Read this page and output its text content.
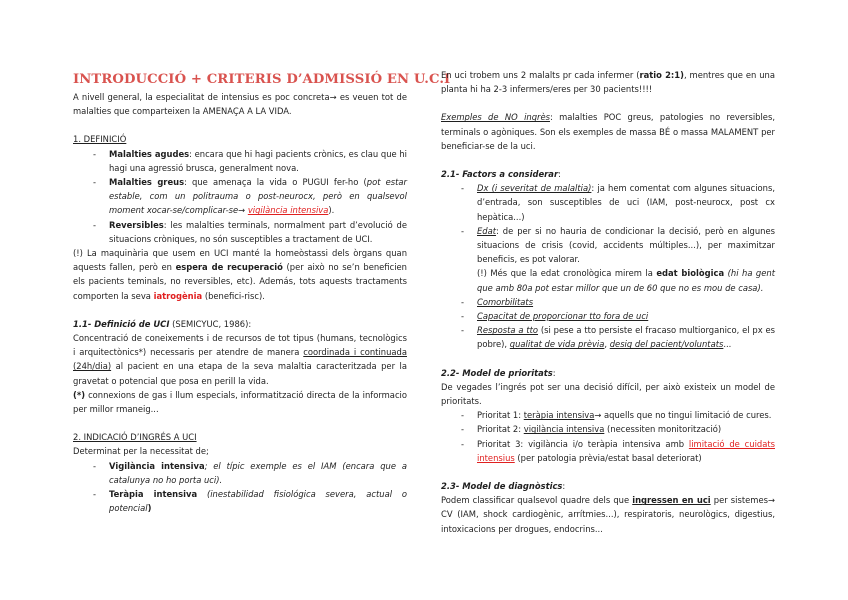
INTRODUCCIÓ + CRITERIS D’ADMISSIÓ EN U.C.I

A nivell general, la especialitat de intensius es poc concreta→ es veuen tot de malalties que comparteixen la AMENAÇA A LA VIDA.

1. DEFINICIÓ

- Malalties agudes: encara que hi hagi pacients crònics, es clau que hi hagi una agressió brusca, generalment nova.
- Malalties greus: que amenaça la vida o PUGUI fer-ho (pot estar estable, com un politrauma o post-neurocx, però en qualsevol moment xocar-se/complicar-se→ vigilància intensiva).
- Reversibles: les malalties terminals, normalment part d’evolució de situacions cròniques, no són susceptibles a tractament de UCI.

(!) La maquinària que usem en UCI manté la homeòstassi dels òrgans quan aquests fallen, però en espera de recuperació (per això no se’n beneficien els pacients teminals, no reversibles, etc). Además, tots aquests tractaments comporten la seva iatrogènia (benefici-risc).

1.1- Definició de UCI (SEMICYUC, 1986):

Concentració de coneixements i de recursos de tot tipus (humans, tecnològics i arquitectònics*) necessaris per atendre de manera coordinada i continuada (24h/dia) al pacient en una etapa de la seva malaltia caracteritzada per la gravetat o potencial que posa en perill la vida.

(*) connexions de gas i llum especials, informatització directa de la informacio per millor rmaneig...

2. INDICACIÓ D’INGRÉS A UCI

Determinat per la necessitat de;

- Vigilància intensiva; el típic exemple es el IAM (encara que a catalunya no ho porta uci).
- Teràpia intensiva (inestabilidad fisiológica severa, actual o potencial)

En uci trobem uns 2 malalts pr cada infermer (ratio 2:1), mentres que en una planta hi ha 2-3 infermers/eres per 30 pacients!!!!

Exemples de NO ingrès: malalties POC greus, patologies no reversibles, terminals o agòniques. Son els exemples de massa BÉ o massa MALAMENT per beneficiar-se de la uci.

2.1- Factors a considerar:

- Dx (i severitat de malaltia): ja hem comentat com algunes situacions, d’entrada, son susceptibles de uci (IAM, post-neurocx, post cx hepàtica...)
- Edat: de per si no hauria de condicionar la decisió, però en algunes situacions de crisis (covid, accidents múltiples...), per maximitzar beneficis, es pot valorar.
(!) Més que la edat cronològica mirem la edat biològica (hi ha gent que amb 80a pot estar millor que un de 60 que no es mou de casa).
- Comorbilitats
- Capacitat de proporcionar tto fora de uci
- Resposta a tto (si pese a tto persiste el fracaso multiorganico, el px es pobre), qualitat de vida prèvia, desig del pacient/voluntats...

2.2- Model de prioritats:

De vegades l’ingrés pot ser una decisió difícil, per això existeix un model de prioritats.

- Prioritat 1: teràpia intensiva→ aquells que no tingui limitació de cures.
- Prioritat 2: vigilància intensiva (necessiten monitorització)
- Prioritat 3: vigilància i/o teràpia intensiva amb limitació de cuidats intensius (per patologia prèvia/estat basal deteriorat)

2.3- Model de diagnòstics:

Podem classificar qualsevol quadre dels que ingressen en uci per sistemes→ CV (IAM, shock cardiogènic, arrítmies...), respiratoris, neurològics, digestius, intoxicacions per drogues, endocrins...
